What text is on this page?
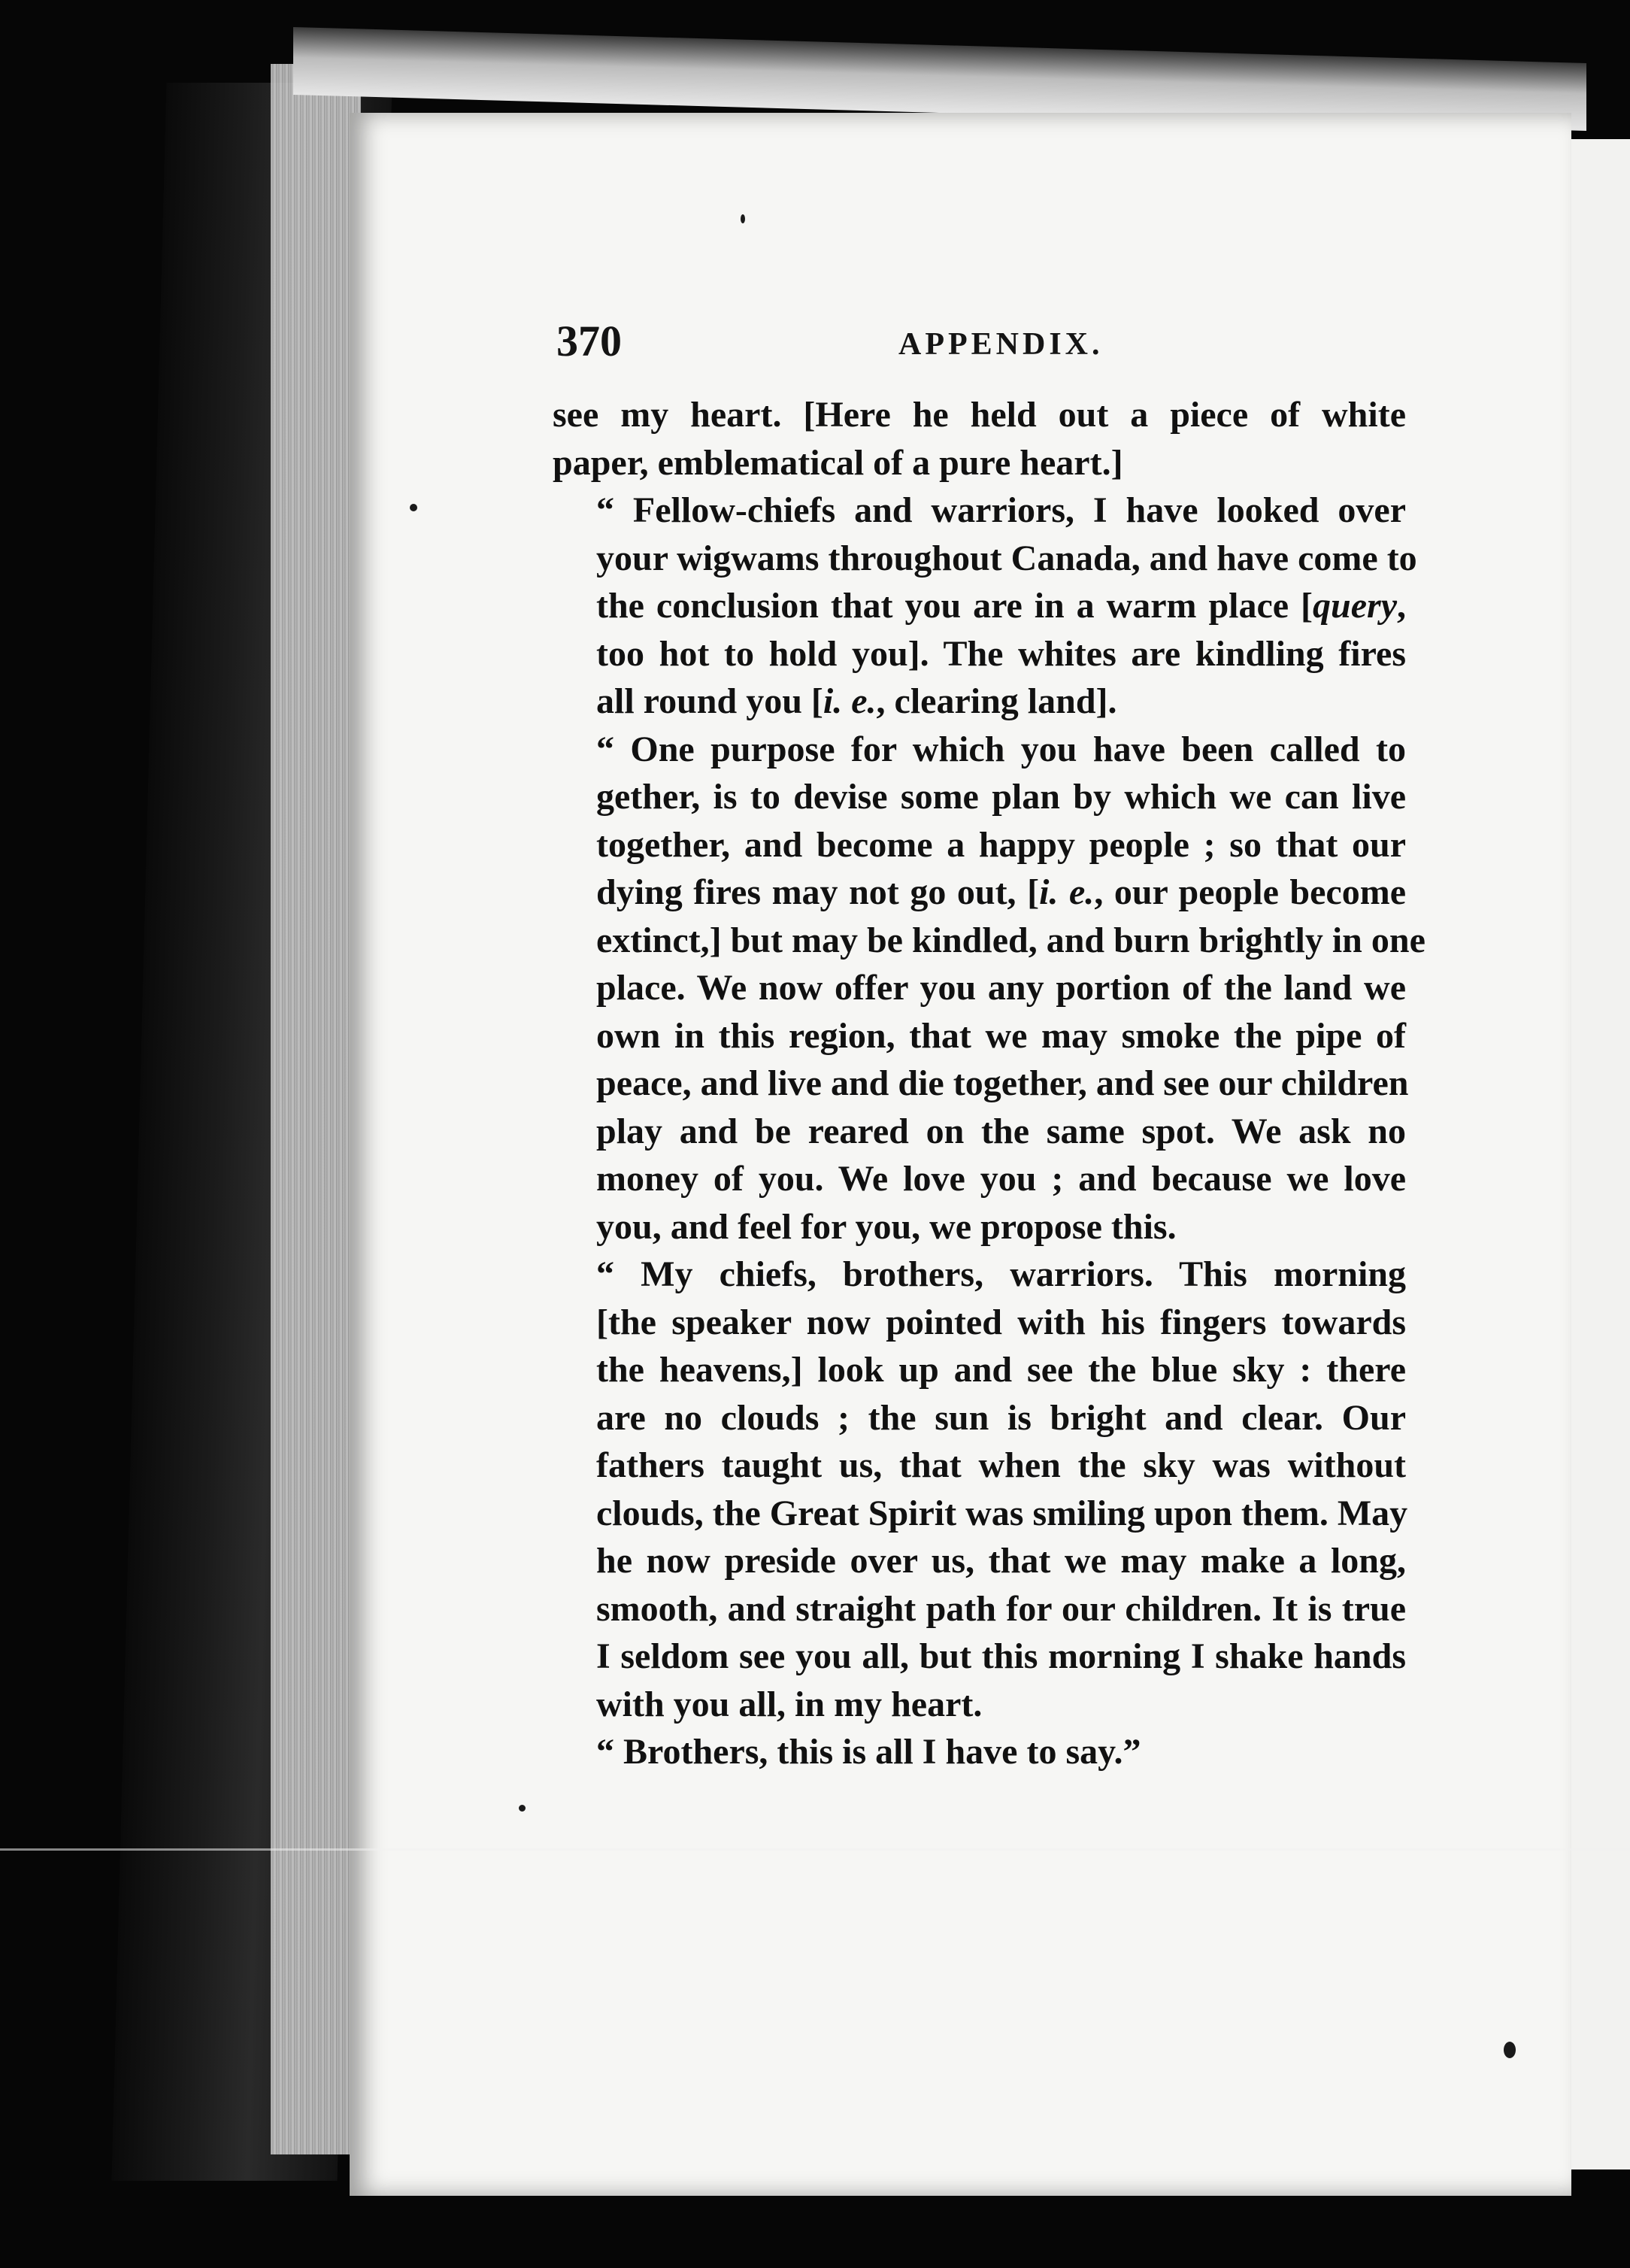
370	APPENDIX.

see my heart. [Here he held out a piece of white
paper, emblematical of a pure heart.]

“ Fellow-chiefs and warriors, I have looked over
your wigwams throughout Canada, and have come to
the conclusion that you are in a warm place [query,
too hot to hold you]. The whites are kindling fires
all round you [i. e., clearing land].

“ One purpose for which you have been called to
gether, is to devise some plan by which we can live
together, and become a happy people ; so that our
dying fires may not go out, [i. e., our people become
extinct,] but may be kindled, and burn brightly in one
place. We now offer you any portion of the land we
own in this region, that we may smoke the pipe of
peace, and live and die together, and see our children
play and be reared on the same spot. We ask no
money of you. We love you ; and because we love
you, and feel for you, we propose this.

“ My chiefs, brothers, warriors. This morning
[the speaker now pointed with his fingers towards
the heavens,] look up and see the blue sky : there
are no clouds ; the sun is bright and clear. Our
fathers taught us, that when the sky was without
clouds, the Great Spirit was smiling upon them. May
he now preside over us, that we may make a long,
smooth, and straight path for our children. It is true
I seldom see you all, but this morning I shake hands
with you all, in my heart.

“ Brothers, this is all I have to say.”
